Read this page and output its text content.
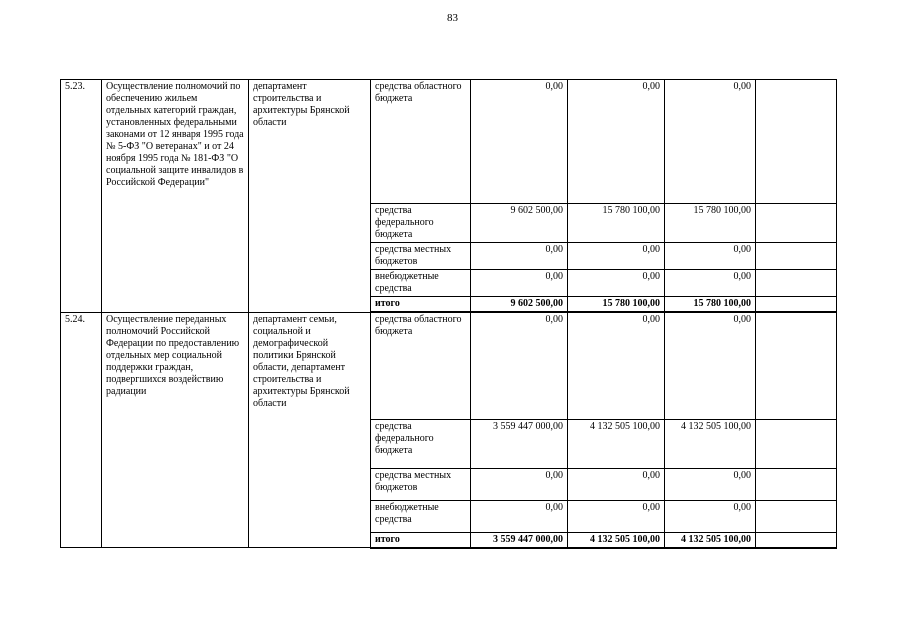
83
5.23.	Осуществление полномочий по обеспечению жильем отдельных категорий граждан, установленных федеральными законами от 12 января 1995 года № 5-ФЗ "О ветеранах" и от 24 ноября 1995 года № 181-ФЗ "О социальной защите инвалидов в Российской Федерации"	департамент строительства и архитектуры Брянской области	средства областного бюджета	0,00	0,00	0,00	
			средства федерального бюджета	9 602 500,00	15 780 100,00	15 780 100,00	
			средства местных бюджетов	0,00	0,00	0,00	
			внебюджетные средства	0,00	0,00	0,00	
			итого	9 602 500,00	15 780 100,00	15 780 100,00	
5.24.	Осуществление переданных полномочий Российской Федерации по предоставлению отдельных мер социальной поддержки граждан, подвергшихся воздействию радиации	департамент семьи, социальной и демографической политики Брянской области, департамент строительства и архитектуры Брянской области	средства областного бюджета	0,00	0,00	0,00	
			средства федерального бюджета	3 559 447 000,00	4 132 505 100,00	4 132 505 100,00	
			средства местных бюджетов	0,00	0,00	0,00	
			внебюджетные средства	0,00	0,00	0,00	
			итого	3 559 447 000,00	4 132 505 100,00	4 132 505 100,00	
